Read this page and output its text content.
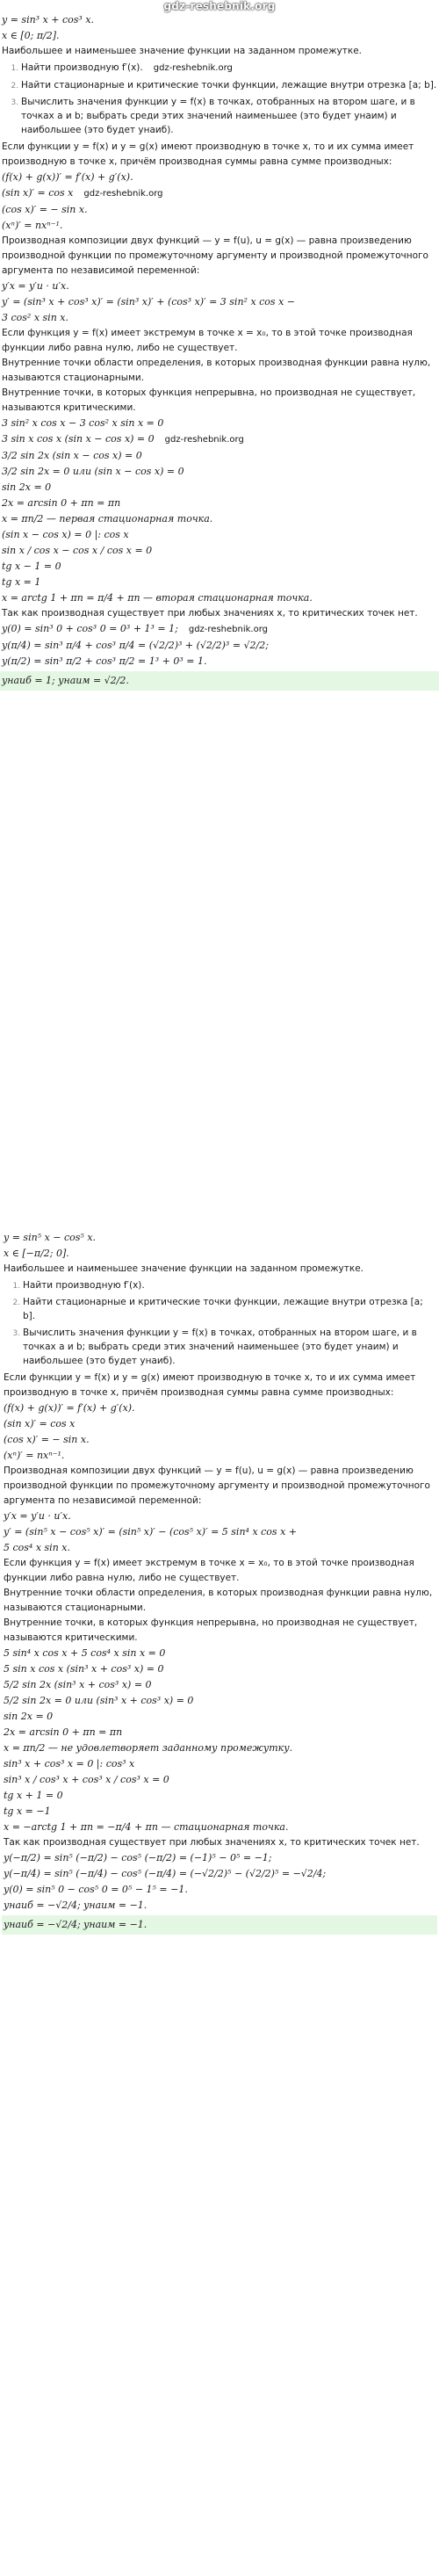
gdz-reshebnik.org
y = sin³ x + cos³ x.
x ∈ [0; π/2].
Наибольшее и наименьшее значение функции на заданном промежутке.
1. Найти производную f′(x). gdz-reshebnik.org
2. Найти стационарные и критические точки функции, лежащие внутри отрезка [a; b].
3. Вычислить значения функции y = f(x) в точках, отобранных на втором шаге, и в точках a и b; выбрать среди этих значений наименьшее (это будет yнаим) и наибольшее (это будет yнаиб).
Если функции y = f(x) и y = g(x) имеют производную в точке x, то и их сумма имеет производную в точке x, причём производная суммы равна сумме производных:
(f(x) + g(x))′ = f′(x) + g′(x).
(sin x)′ = cos x gdz-reshebnik.org
(cos x)′ = − sin x.
(xⁿ)′ = nxⁿ⁻¹.
Производная композиции двух функций — y = f(u), u = g(x) — равна произведению производной функции по промежуточному аргументу и производной промежуточного аргумента по независимой переменной:
y′x = y′u · u′x.
y′ = (sin³ x + cos³ x)′ = (sin³ x)′ + (cos³ x)′ = 3 sin² x cos x −
3 cos² x sin x.
Если функция y = f(x) имеет экстремум в точке x = x₀, то в этой точке производная функции либо равна нулю, либо не существует.
Внутренние точки области определения, в которых производная функции равна нулю, называются стационарными.
Внутренние точки, в которых функция непрерывна, но производная не существует, называются критическими.
3 sin² x cos x − 3 cos² x sin x = 0
3 sin x cos x (sin x − cos x) = 0 gdz-reshebnik.org
3/2 sin 2x (sin x − cos x) = 0
3/2 sin 2x = 0 или (sin x − cos x) = 0
sin 2x = 0
2x = arcsin 0 + πn = πn
x = πn/2 — первая стационарная точка.
(sin x − cos x) = 0 |: cos x
sin x / cos x − cos x / cos x = 0
tg x − 1 = 0
tg x = 1
x = arctg 1 + πn = π/4 + πn — вторая стационарная точка.
Так как производная существует при любых значениях x, то критических точек нет.
y(0) = sin³ 0 + cos³ 0 = 0³ + 1³ = 1; gdz-reshebnik.org
y(π/4) = sin³ π/4 + cos³ π/4 = (√2/2)³ + (√2/2)³ = √2/2;
y(π/2) = sin³ π/2 + cos³ π/2 = 1³ + 0³ = 1.
yнаиб = 1; yнаим = √2/2.
y = sin⁵ x − cos⁵ x.
x ∈ [−π/2; 0].
Наибольшее и наименьшее значение функции на заданном промежутке.
1. Найти производную f′(x).
2. Найти стационарные и критические точки функции, лежащие внутри отрезка [a; b].
3. Вычислить значения функции y = f(x) в точках, отобранных на втором шаге, и в точках a и b; выбрать среди этих значений наименьшее (это будет yнаим) и наибольшее (это будет yнаиб).
Если функции y = f(x) и y = g(x) имеют производную в точке x, то и их сумма имеет производную в точке x, причём производная суммы равна сумме производных:
(f(x) + g(x))′ = f′(x) + g′(x).
(sin x)′ = cos x
(cos x)′ = − sin x.
(xⁿ)′ = nxⁿ⁻¹.
Производная композиции двух функций — y = f(u), u = g(x) — равна произведению производной функции по промежуточному аргументу и производной промежуточного аргумента по независимой переменной:
y′x = y′u · u′x.
y′ = (sin⁵ x − cos⁵ x)′ = (sin⁵ x)′ − (cos⁵ x)′ = 5 sin⁴ x cos x +
5 cos⁴ x sin x.
Если функция y = f(x) имеет экстремум в точке x = x₀, то в этой точке производная функции либо равна нулю, либо не существует.
Внутренние точки области определения, в которых производная функции равна нулю, называются стационарными.
Внутренние точки, в которых функция непрерывна, но производная не существует, называются критическими.
5 sin⁴ x cos x + 5 cos⁴ x sin x = 0
5 sin x cos x (sin³ x + cos³ x) = 0
5/2 sin 2x (sin³ x + cos³ x) = 0
5/2 sin 2x = 0 или (sin³ x + cos³ x) = 0
sin 2x = 0
2x = arcsin 0 + πn = πn
x = πn/2 — не удовлетворяет заданному промежутку.
sin³ x + cos³ x = 0 |: cos³ x
sin³ x / cos³ x + cos³ x / cos³ x = 0
tg x + 1 = 0
tg x = −1
x = −arctg 1 + πn = −π/4 + πn — стационарная точка.
Так как производная существует при любых значениях x, то критических точек нет.
y(−π/2) = sin⁵ (−π/2) − cos⁵ (−π/2) = (−1)⁵ − 0⁵ = −1;
y(−π/4) = sin⁵ (−π/4) − cos⁵ (−π/4) = (−√2/2)⁵ − (√2/2)⁵ = −√2/4;
y(0) = sin⁵ 0 − cos⁵ 0 = 0⁵ − 1⁵ = −1.
yнаиб = −√2/4; yнаим = −1.
yнаиб = −√2/4; yнаим = −1.
